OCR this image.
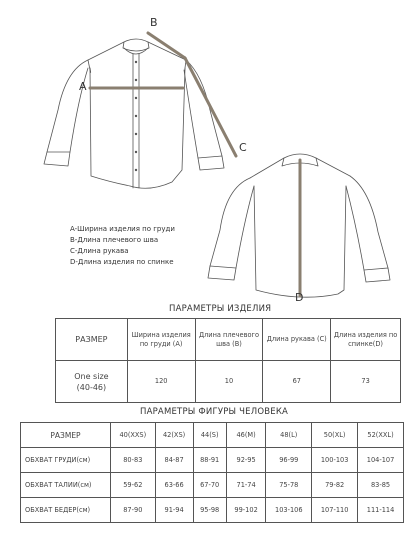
A
B
C
D
A-Ширина изделия по груди
B-Длина плечевого шва
C-Длина рукава
D-Длина изделия по спинке
ПАРАМЕТРЫ ИЗДЕЛИЯ
РАЗМЕР	Ширина изделия по груди (А)	Длина плечевого шва (В)	Длина рукава (С)	Длина изделия по спинке(D)

One size
(40-46)	120	10	67	73
ПАРАМЕТРЫ ФИГУРЫ ЧЕЛОВЕКА
РАЗМЕР	40(XXS)	42(XS)	44(S)	46(M)	48(L)	50(XL)	52(XXL)
ОБХВАТ ГРУДИ(см)	80-83	84-87	88-91	92-95	96-99	100-103	104-107
ОБХВАТ ТАЛИИ(см)	59-62	63-66	67-70	71-74	75-78	79-82	83-85
ОБХВАТ БЕДЕР(см)	87-90	91-94	95-98	99-102	103-106	107-110	111-114
